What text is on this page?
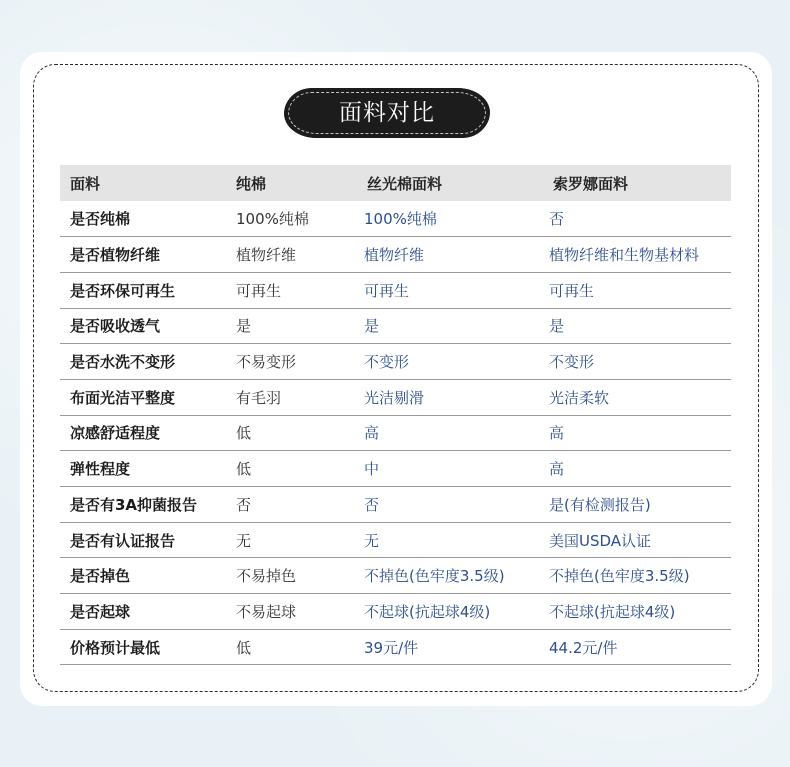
面料对比
面料	纯棉	丝光棉面料	索罗娜面料
是否纯棉	100%纯棉	100%纯棉	否
是否植物纤维	植物纤维	植物纤维	植物纤维和生物基材料
是否环保可再生	可再生	可再生	可再生
是否吸收透气	是	是	是
是否水洗不变形	不易变形	不变形	不变形
布面光洁平整度	有毛羽	光洁剔滑	光洁柔软
凉感舒适程度	低	高	高
弹性程度	低	中	高
是否有3A抑菌报告	否	否	是(有检测报告)
是否有认证报告	无	无	美国USDA认证
是否掉色	不易掉色	不掉色(色牢度3.5级)	不掉色(色牢度3.5级)
是否起球	不易起球	不起球(抗起球4级)	不起球(抗起球4级)
价格预计最低	低	39元/件	44.2元/件
